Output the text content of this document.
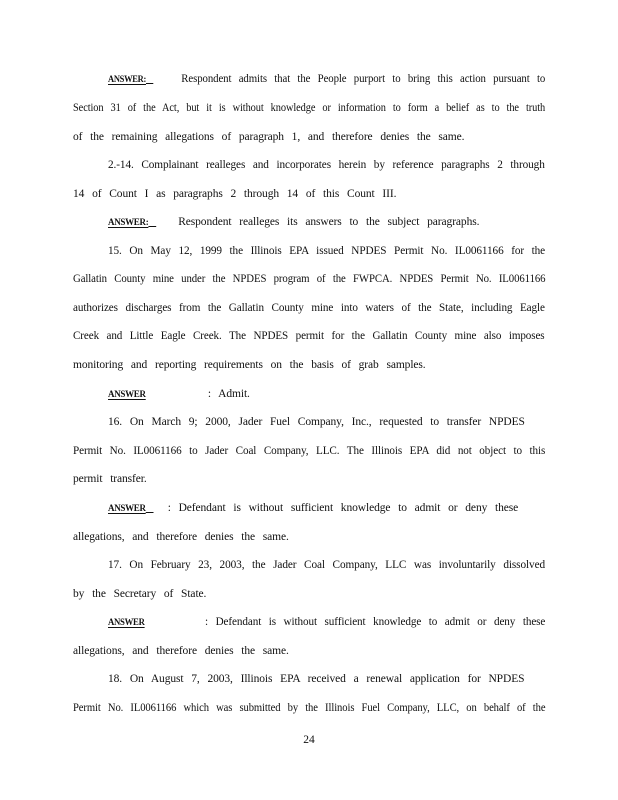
ANSWER:	Respondent admits that the People purport to bring this action pursuant to
Section 31 of the Act, but it is without knowledge or information to form a belief as to the truth
of the remaining allegations of paragraph 1, and therefore denies the same.
2.-14. Complainant realleges and incorporates herein by reference paragraphs 2 through
14 of Count I as paragraphs 2 through 14 of this Count III.
ANSWER:	Respondent realleges its answers to the subject paragraphs.
15. On May 12, 1999 the Illinois EPA issued NPDES Permit No. IL0061166 for the
Gallatin County mine under the NPDES program of the FWPCA. NPDES Permit No. IL0061166
authorizes discharges from the Gallatin County mine into waters of the State, including Eagle
Creek and Little Eagle Creek. The NPDES permit for the Gallatin County mine also imposes
monitoring and reporting requirements on the basis of grab samples.
ANSWER	: Admit.
16. On March 9; 2000, Jader Fuel Company, Inc., requested to transfer NPDES
Permit No. IL0061166 to Jader Coal Company, LLC. The Illinois EPA did not object to this
permit transfer.
ANSWER : Defendant is without sufficient knowledge to admit or deny these
allegations, and therefore denies the same.
17. On February 23, 2003, the Jader Coal Company, LLC was involuntarily dissolved
by the Secretary of State.
ANSWER	: Defendant is without sufficient knowledge to admit or deny these
allegations, and therefore denies the same.
18. On August 7, 2003, Illinois EPA received a renewal application for NPDES
Permit No. IL0061166 which was submitted by the Illinois Fuel Company, LLC, on behalf of the
24
